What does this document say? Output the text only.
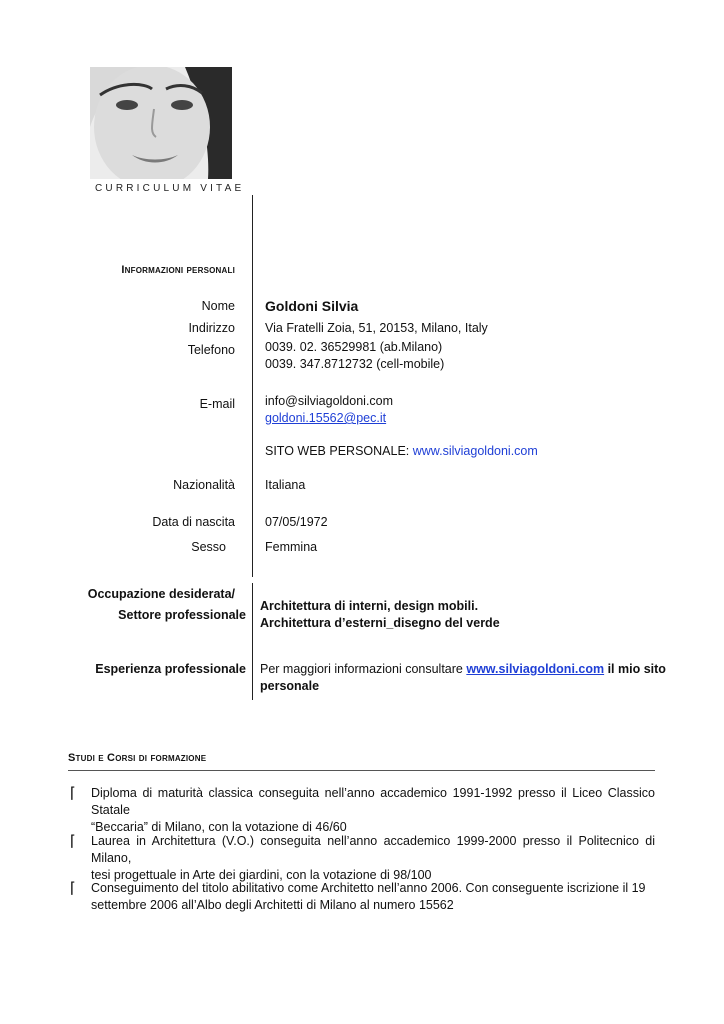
CURRICULUM VITAE
Informazioni personali
Nome Goldoni Silvia
Indirizzo Via Fratelli Zoia, 51, 20153, Milano, Italy
Telefono 0039. 02. 36529981 (ab.Milano)
0039. 347.8712732 (cell-mobile)
E-mail info@silviagoldoni.com
goldoni.15562@pec.it
SITO WEB PERSONALE: www.silviagoldoni.com
Nazionalità Italiana
Data di nascita 07/05/1972
Sesso	Femmina
Occupazione desiderata/
Settore professionale
Architettura di interni, design mobili.
Architettura d’esterni_disegno del verde
Esperienza professionale Per maggiori informazioni consultare www.silviagoldoni.com il mio sito
personale
Studi e Corsi di formazione
⌈ Diploma di maturità classica conseguita nell’anno accademico 1991-1992 presso il Liceo Classico Statale
“Beccaria” di Milano, con la votazione di 46/60
⌈ Laurea in Architettura (V.O.) conseguita nell’anno accademico 1999-2000 presso il Politecnico di Milano,
tesi progettuale in Arte dei giardini, con la votazione di 98/100
⌈ Conseguimento del titolo abilitativo come Architetto nell’anno 2006. Con conseguente iscrizione il 19
settembre 2006 all’Albo degli Architetti di Milano al numero 15562
